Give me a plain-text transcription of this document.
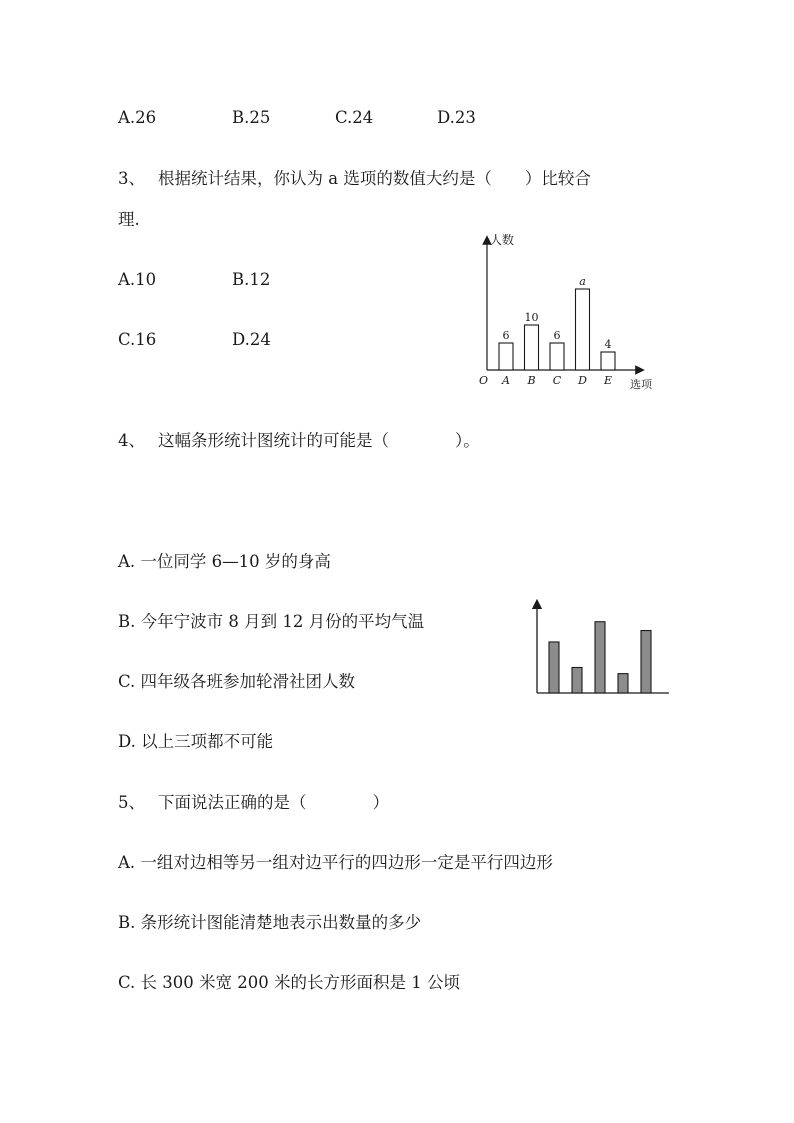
A.26	B.25	C.24	D.23
3、 根据统计结果，你认为 a 选项的数值大约是（　　）比较合
理.
A.10	B.12
C.16	D.24
人数
选项
O
6
A
10
B
6
C
a
D
4
E
4、 这幅条形统计图统计的可能是（　　　　）。
A. 一位同学 6—10 岁的身高
B. 今年宁波市 8 月到 12 月份的平均气温
C. 四年级各班参加轮滑社团人数
D. 以上三项都不可能
5、 下面说法正确的是（　　　　）
A. 一组对边相等另一组对边平行的四边形一定是平行四边形
B. 条形统计图能清楚地表示出数量的多少
C. 长 300 米宽 200 米的长方形面积是 1 公顷
